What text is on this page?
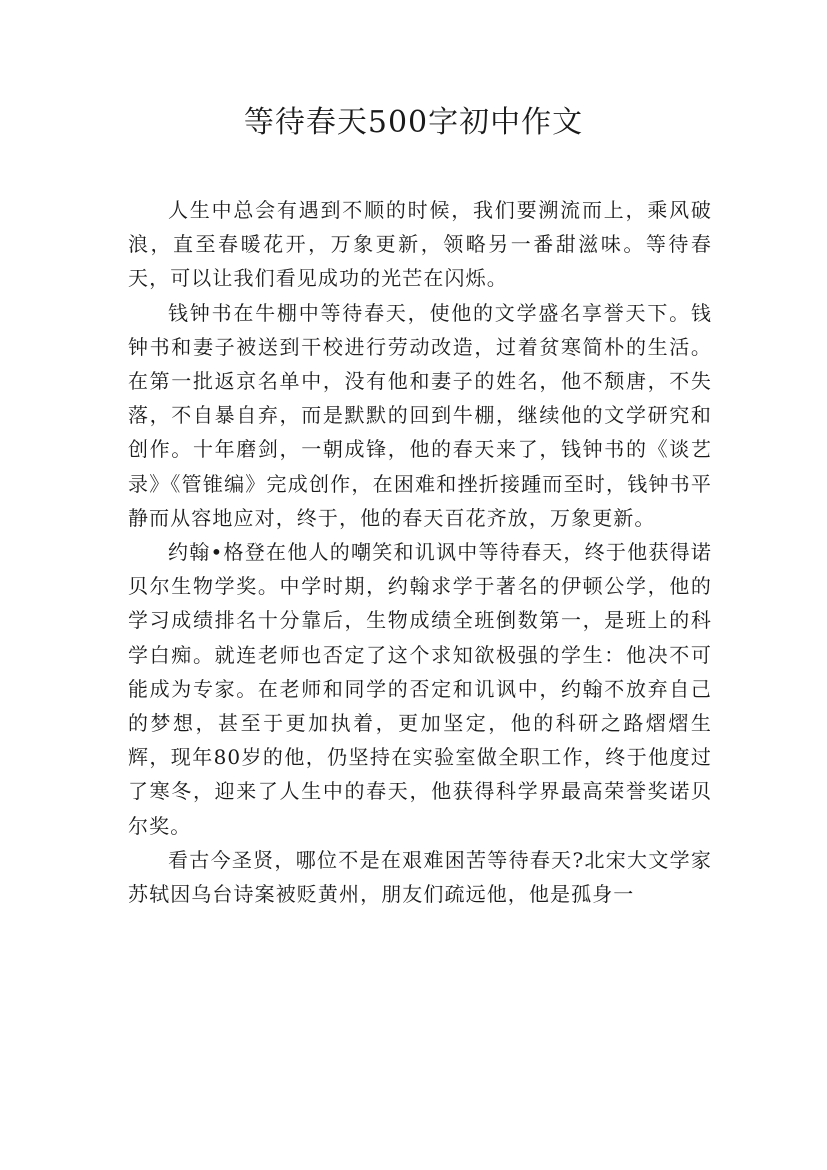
等待春天500字初中作文

人生中总会有遇到不顺的时候，我们要溯流而上，乘风破浪，直至春暖花开，万象更新，领略另一番甜滋味。等待春天，可以让我们看见成功的光芒在闪烁。

钱钟书在牛棚中等待春天，使他的文学盛名享誉天下。钱钟书和妻子被送到干校进行劳动改造，过着贫寒简朴的生活。在第一批返京名单中，没有他和妻子的姓名，他不颓唐，不失落，不自暴自弃，而是默默的回到牛棚，继续他的文学研究和创作。十年磨剑，一朝成锋，他的春天来了，钱钟书的《谈艺录》《管锥编》完成创作，在困难和挫折接踵而至时，钱钟书平静而从容地应对，终于，他的春天百花齐放，万象更新。

约翰•格登在他人的嘲笑和讥讽中等待春天，终于他获得诺贝尔生物学奖。中学时期，约翰求学于著名的伊顿公学，他的学习成绩排名十分靠后，生物成绩全班倒数第一，是班上的科学白痴。就连老师也否定了这个求知欲极强的学生：他决不可能成为专家。在老师和同学的否定和讥讽中，约翰不放弃自己的梦想，甚至于更加执着，更加坚定，他的科研之路熠熠生辉，现年80岁的他，仍坚持在实验室做全职工作，终于他度过了寒冬，迎来了人生中的春天，他获得科学界最高荣誉奖诺贝尔奖。

看古今圣贤，哪位不是在艰难困苦等待春天?北宋大文学家苏轼因乌台诗案被贬黄州，朋友们疏远他，他是孤身一
